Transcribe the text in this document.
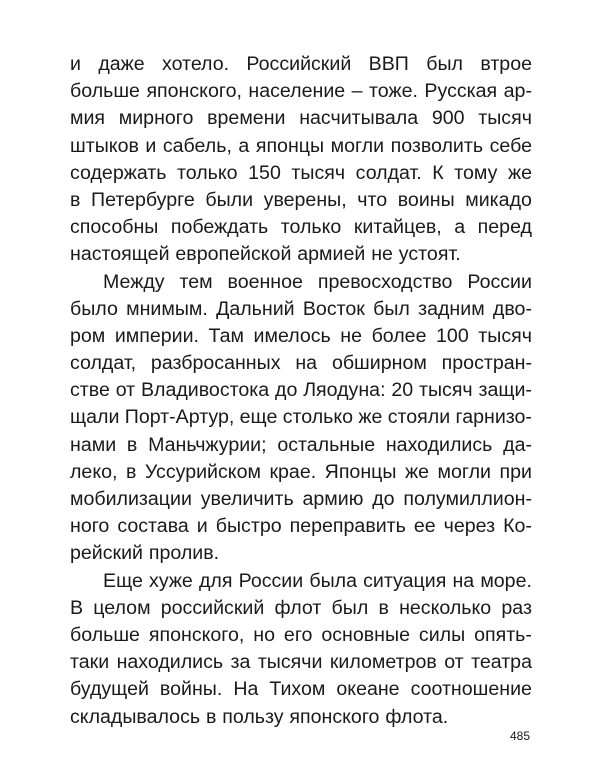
и даже хотело. Российский ВВП был втрое
больше японского, население – тоже. Русская ар-
мия мирного времени насчитывала 900 тысяч
штыков и сабель, а японцы могли позволить себе
содержать только 150 тысяч солдат. К тому же
в Петербурге были уверены, что воины микадо
способны побеждать только китайцев, а перед
настоящей европейской армией не устоят.
Между тем военное превосходство России
было мнимым. Дальний Восток был задним дво-
ром империи. Там имелось не более 100 тысяч
солдат, разбросанных на обширном простран-
стве от Владивостока до Ляодуна: 20 тысяч защи-
щали Порт-Артур, еще столько же стояли гарнизо-
нами в Маньчжурии; остальные находились да-
леко, в Уссурийском крае. Японцы же могли при
мобилизации увеличить армию до полумиллион-
ного состава и быстро переправить ее через Ко-
рейский пролив.
Еще хуже для России была ситуация на море.
В целом российский флот был в несколько раз
больше японского, но его основные силы опять-
таки находились за тысячи километров от театра
будущей войны. На Тихом океане соотношение
складывалось в пользу японского флота.
485
